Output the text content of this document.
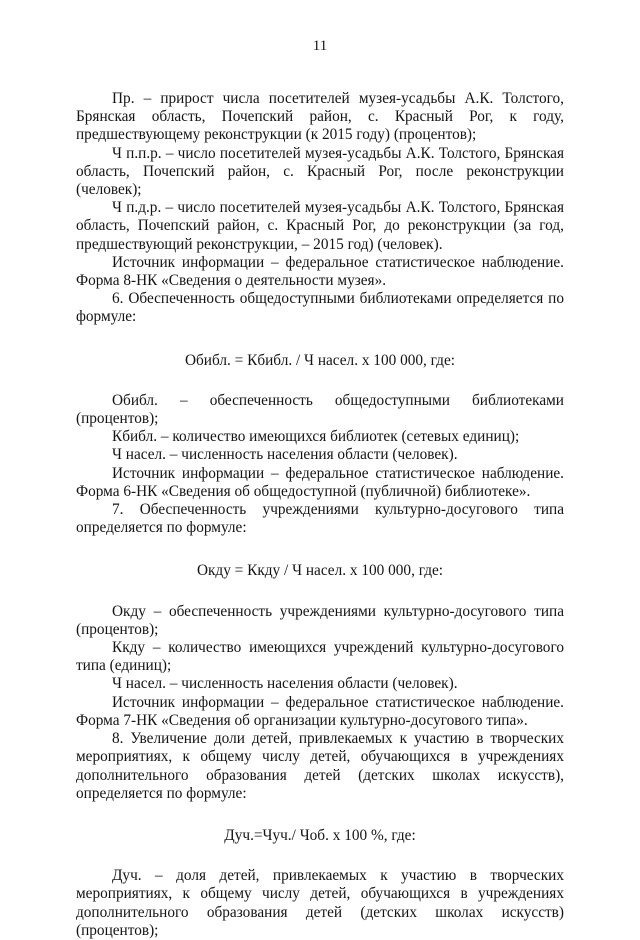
11

Пр. – прирост числа посетителей музея-усадьбы А.К. Толстого, Брянская область, Почепский район, с. Красный Рог, к году, предшествующему реконструкции (к 2015 году) (процентов);

Ч п.п.р. – число посетителей музея-усадьбы А.К. Толстого, Брянская область, Почепский район, с. Красный Рог, после реконструкции (человек);

Ч п.д.р. – число посетителей музея-усадьбы А.К. Толстого, Брянская область, Почепский район, с. Красный Рог, до реконструкции (за год, предшествующий реконструкции, – 2015 год) (человек).

Источник информации – федеральное статистическое наблюдение. Форма 8-НК «Сведения о деятельности музея».

6. Обеспеченность общедоступными библиотеками определяется по формуле:

Обибл. = Кбибл. / Ч насел. х 100 000, где:

Обибл. – обеспеченность общедоступными библиотеками (процентов);

Кбибл. – количество имеющихся библиотек (сетевых единиц);

Ч насел. – численность населения области (человек).

Источник информации – федеральное статистическое наблюдение. Форма 6-НК «Сведения об общедоступной (публичной) библиотеке».

7. Обеспеченность учреждениями культурно-досугового типа определяется по формуле:

Окду = Ккду / Ч насел. х 100 000, где:

Окду – обеспеченность учреждениями культурно-досугового типа (процентов);

Ккду – количество имеющихся учреждений культурно-досугового типа (единиц);

Ч насел. – численность населения области (человек).

Источник информации – федеральное статистическое наблюдение. Форма 7-НК «Сведения об организации культурно-досугового типа».

8. Увеличение доли детей, привлекаемых к участию в творческих мероприятиях, к общему числу детей, обучающихся в учреждениях дополнительного образования детей (детских школах искусств), определяется по формуле:

Дуч.=Чуч./ Чоб. х 100 %, где:

Дуч. – доля детей, привлекаемых к участию в творческих мероприятиях, к общему числу детей, обучающихся в учреждениях дополнительного образования детей (детских школах искусств) (процентов);
